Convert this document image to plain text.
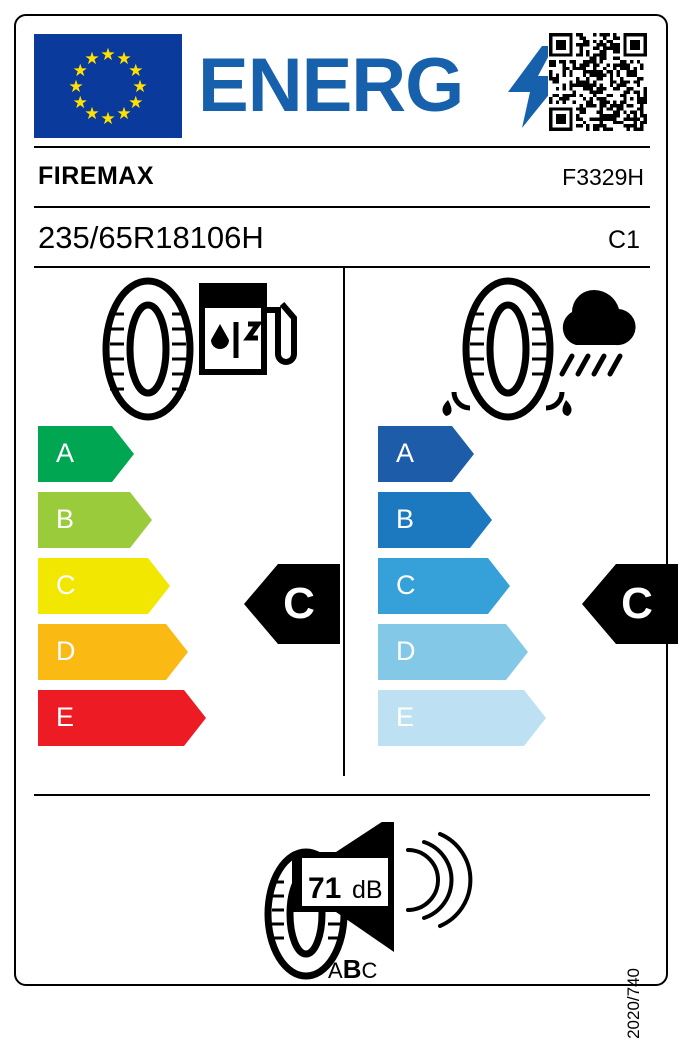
★ ★
★
★
★
★
★
★
★
★
★
★ ENERG
FIREMAX	F3329H
235/65R18106H	C1
A
B
C
D
E
A
B
C
D
E
C	C
71 dB
ABC	2020/740
